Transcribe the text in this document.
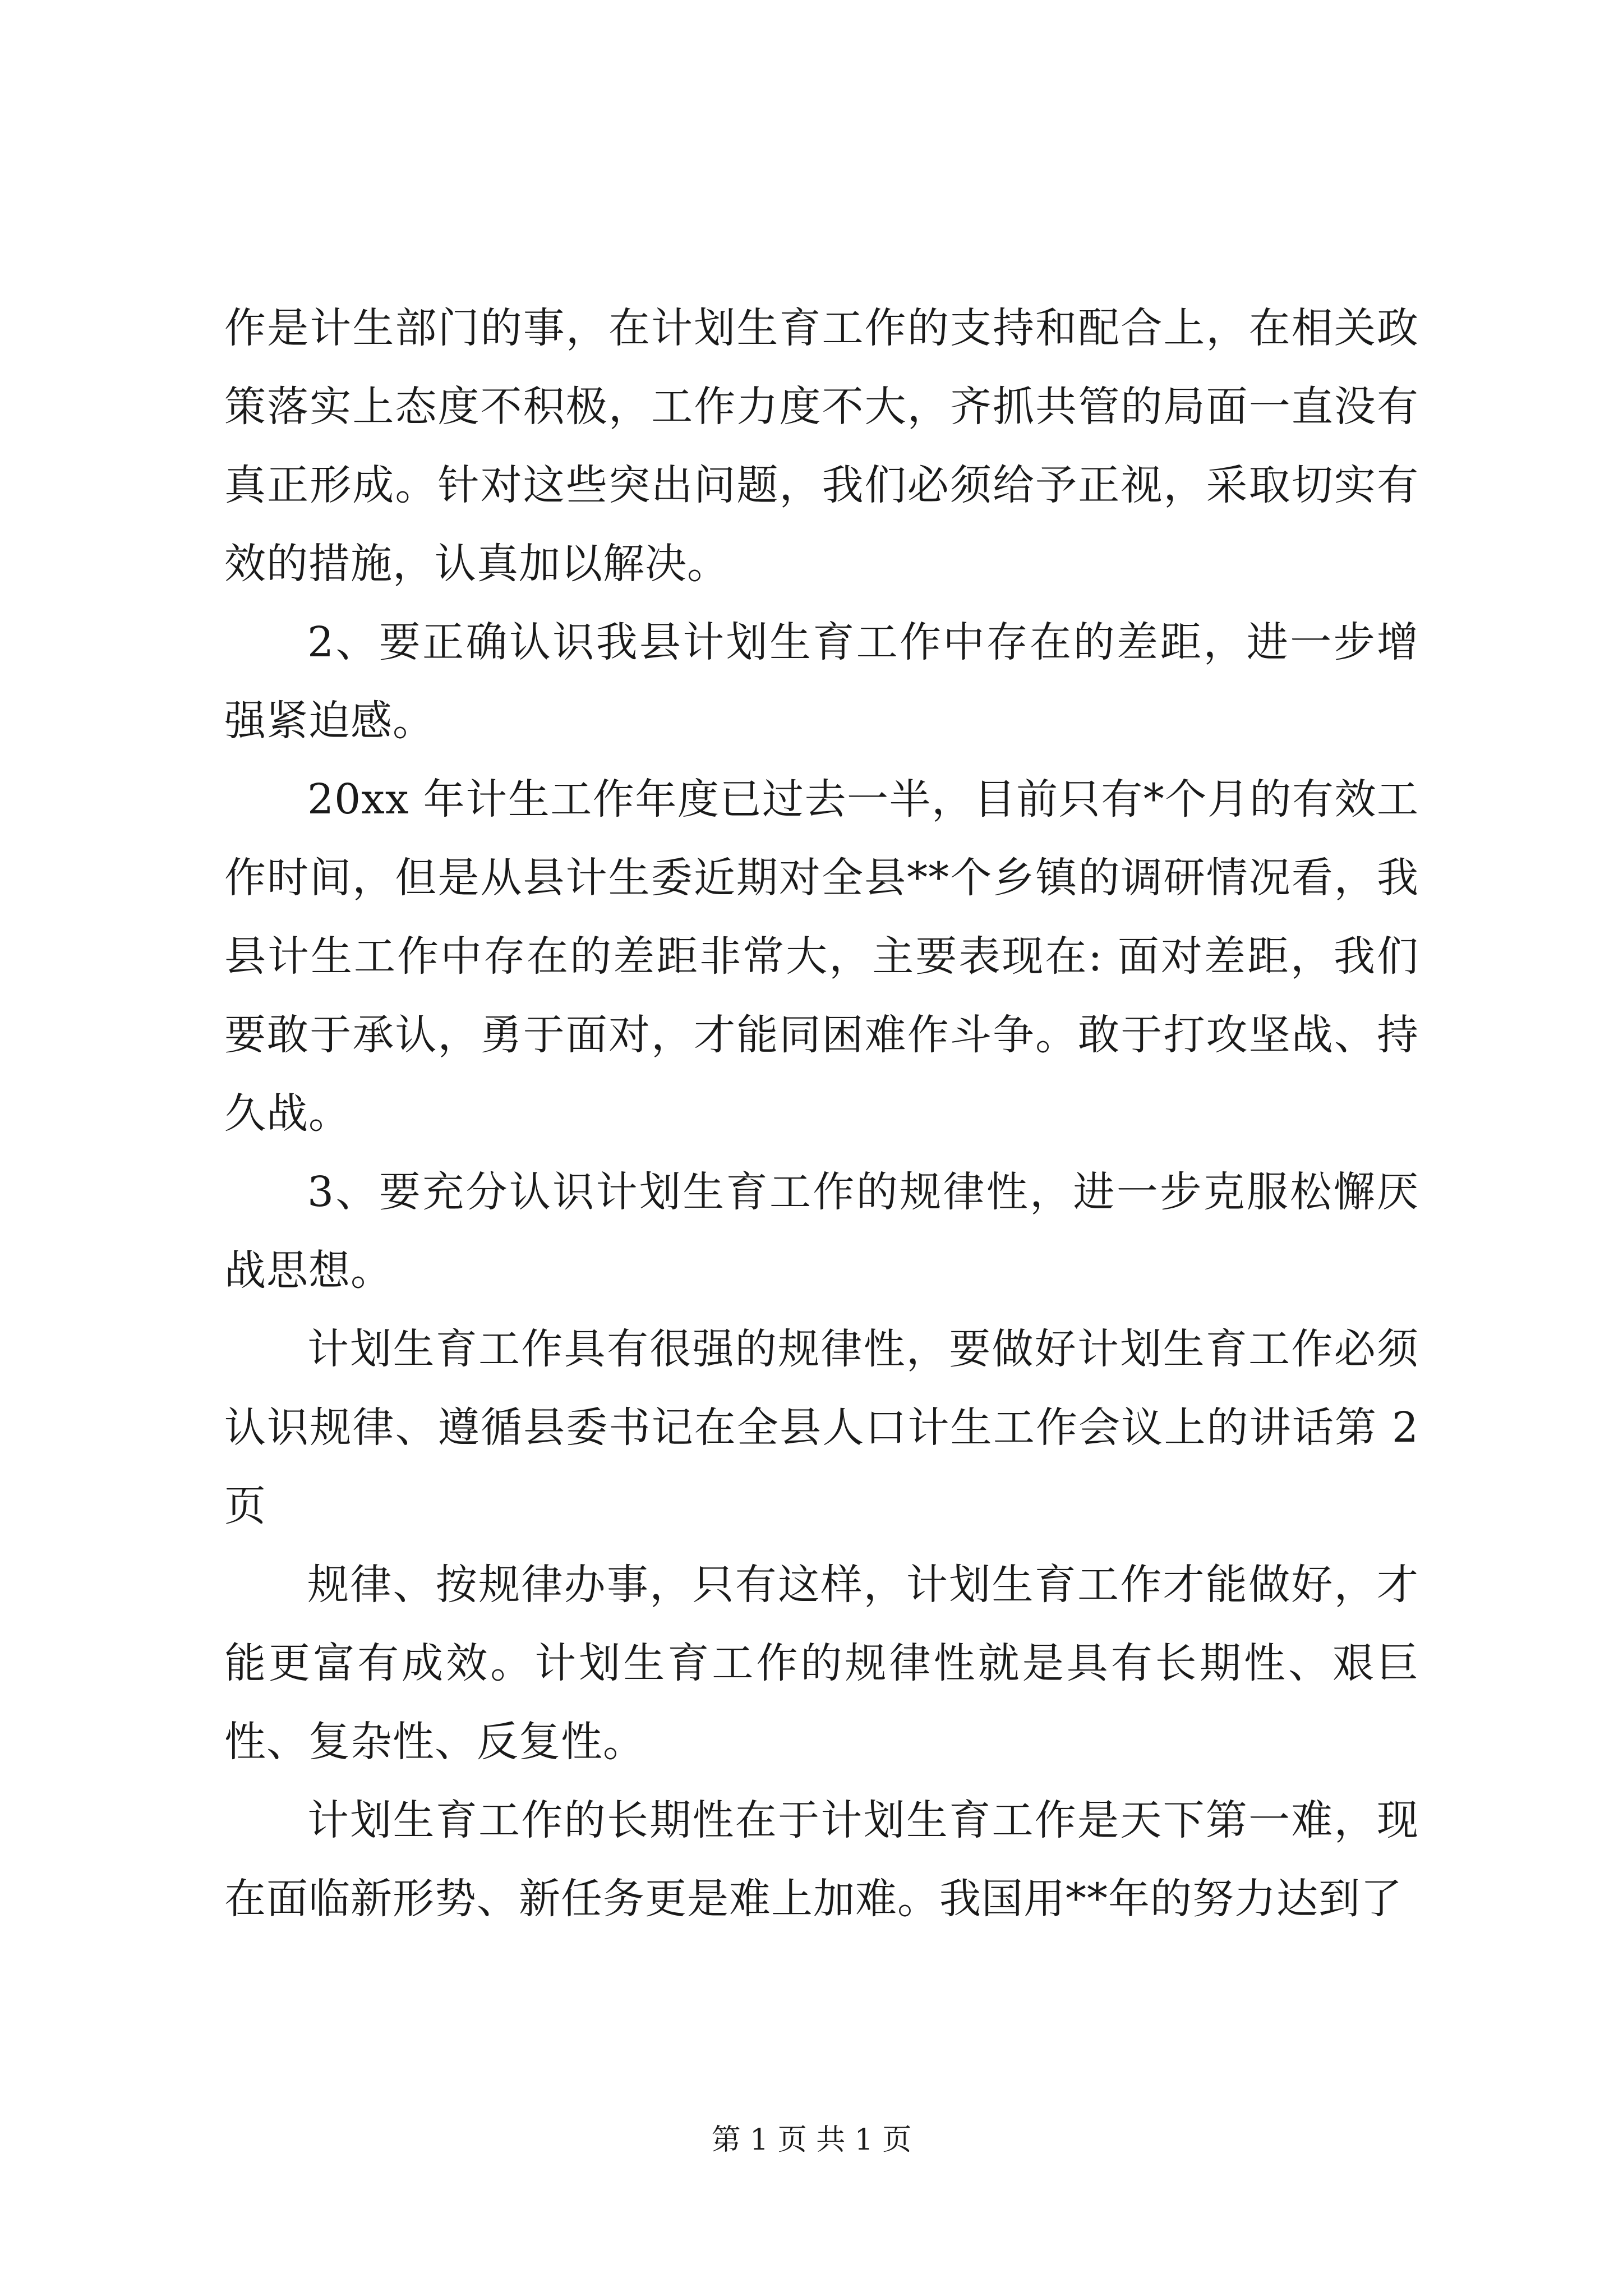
作是计生部门的事，在计划生育工作的支持和配合上，在相关政策落实上态度不积极，工作力度不大，齐抓共管的局面一直没有真正形成。针对这些突出问题，我们必须给予正视，采取切实有效的措施，认真加以解决。

2、要正确认识我县计划生育工作中存在的差距，进一步增强紧迫感。

20xx 年计生工作年度已过去一半，目前只有*个月的有效工作时间，但是从县计生委近期对全县**个乡镇的调研情况看，我县计生工作中存在的差距非常大，主要表现在: 面对差距，我们要敢于承认，勇于面对，才能同困难作斗争。敢于打攻坚战、持久战。

3、要充分认识计划生育工作的规律性，进一步克服松懈厌战思想。

计划生育工作具有很强的规律性，要做好计划生育工作必须认识规律、遵循县委书记在全县人口计生工作会议上的讲话第 2 页

规律、按规律办事，只有这样，计划生育工作才能做好，才能更富有成效。计划生育工作的规律性就是具有长期性、艰巨性、复杂性、反复性。

计划生育工作的长期性在于计划生育工作是天下第一难，现在面临新形势、新任务更是难上加难。我国用**年的努力达到了

第 1 页 共 1 页
